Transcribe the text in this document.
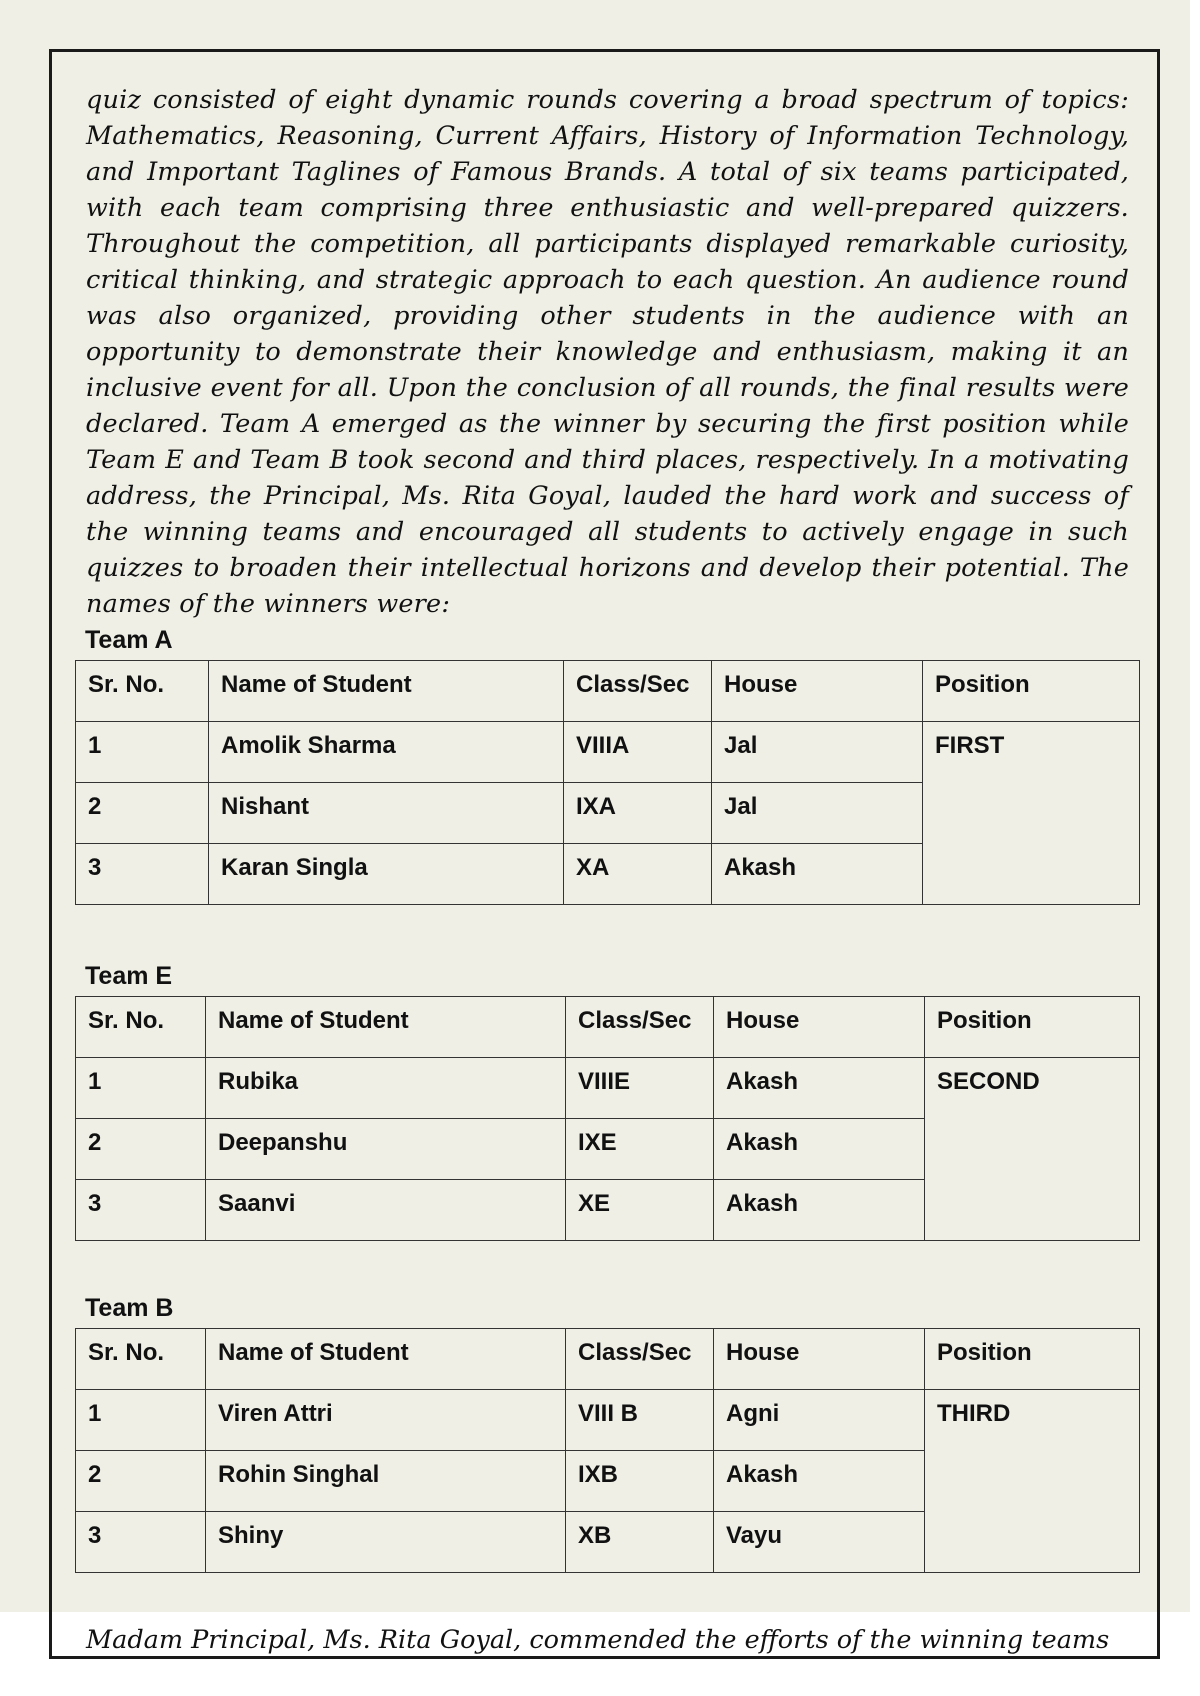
quiz consisted of eight dynamic rounds covering a broad spectrum of topics: Mathematics, Reasoning, Current Affairs, History of Information Technology, and Important Taglines of Famous Brands. A total of six teams participated, with each team comprising three enthusiastic and well-prepared quizzers. Throughout the competition, all participants displayed remarkable curiosity, critical thinking, and strategic approach to each question. An audience round was also organized, providing other students in the audience with an opportunity to demonstrate their knowledge and enthusiasm, making it an inclusive event for all. Upon the conclusion of all rounds, the final results were declared. Team A emerged as the winner by securing the first position while Team E and Team B took second and third places, respectively. In a motivating address, the Principal, Ms. Rita Goyal, lauded the hard work and success of the winning teams and encouraged all students to actively engage in such quizzes to broaden their intellectual horizons and develop their potential. The names of the winners were:

Team A
Sr. No.	Name of Student	Class/Sec	House	Position
1	Amolik Sharma	VIIIA	Jal	FIRST
2	Nishant	IXA	Jal	
3	Karan Singla	XA	Akash	
Team E
Sr. No.	Name of Student	Class/Sec	House	Position
1	Rubika	VIIIE	Akash	SECOND
2	Deepanshu	IXE	Akash	
3	Saanvi	XE	Akash	
Team B
Sr. No.	Name of Student	Class/Sec	House	Position
1	Viren Attri	VIII B	Agni	THIRD
2	Rohin Singhal	IXB	Akash	
3	Shiny	XB	Vayu	

Madam Principal, Ms. Rita Goyal, commended the efforts of the winning teams
